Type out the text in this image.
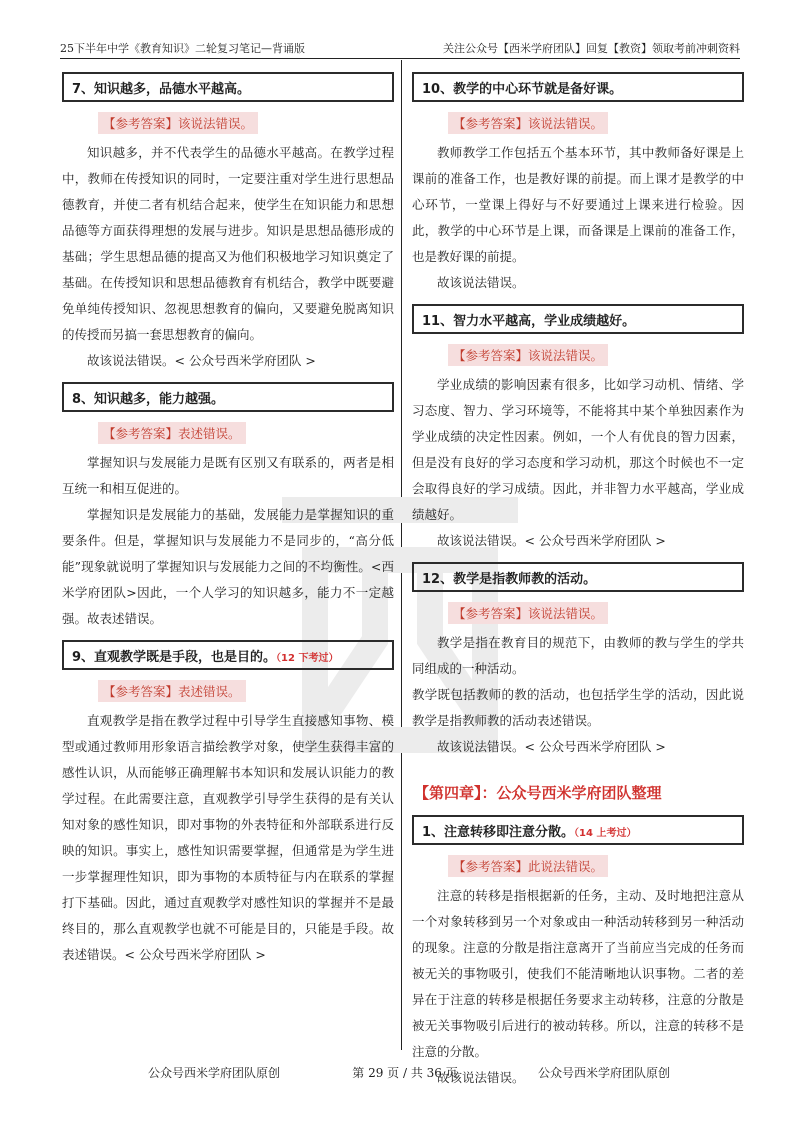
25下半年中学《教育知识》二轮复习笔记—背诵版	关注公众号【西米学府团队】回复【教资】领取考前冲刺资料
7、知识越多，品德水平越高。
【参考答案】该说法错误。

知识越多，并不代表学生的品德水平越高。在教学过程中，教师在传授知识的同时，一定要注重对学生进行思想品德教育，并使二者有机结合起来，使学生在知识能力和思想品德等方面获得理想的发展与进步。知识是思想品德形成的基础；学生思想品德的提高又为他们积极地学习知识奠定了基础。在传授知识和思想品德教育有机结合，教学中既要避免单纯传授知识、忽视思想教育的偏向，又要避免脱离知识的传授而另搞一套思想教育的偏向。

故该说法错误。< 公众号西米学府团队 >

8、知识越多，能力越强。
【参考答案】表述错误。

掌握知识与发展能力是既有区别又有联系的，两者是相互统一和相互促进的。

掌握知识是发展能力的基础，发展能力是掌握知识的重要条件。但是，掌握知识与发展能力不是同步的，“高分低能”现象就说明了掌握知识与发展能力之间的不均衡性。<西米学府团队>因此，一个人学习的知识越多，能力不一定越强。故表述错误。

9、直观教学既是手段，也是目的。（12 下考过）
【参考答案】表述错误。

直观教学是指在教学过程中引导学生直接感知事物、模型或通过教师用形象语言描绘教学对象，使学生获得丰富的感性认识，从而能够正确理解书本知识和发展认识能力的教学过程。在此需要注意，直观教学引导学生获得的是有关认知对象的感性知识，即对事物的外表特征和外部联系进行反映的知识。事实上，感性知识需要掌握，但通常是为学生进一步掌握理性知识，即为事物的本质特征与内在联系的掌握打下基础。因此，通过直观教学对感性知识的掌握并不是最终目的，那么直观教学也就不可能是目的，只能是手段。故表述错误。< 公众号西米学府团队 >

10、教学的中心环节就是备好课。
【参考答案】该说法错误。

教师教学工作包括五个基本环节，其中教师备好课是上课前的准备工作，也是教好课的前提。而上课才是教学的中心环节，一堂课上得好与不好要通过上课来进行检验。因此，教学的中心环节是上课，而备课是上课前的准备工作，也是教好课的前提。

故该说法错误。

11、智力水平越高，学业成绩越好。
【参考答案】该说法错误。

学业成绩的影响因素有很多，比如学习动机、情绪、学习态度、智力、学习环境等，不能将其中某个单独因素作为学业成绩的决定性因素。例如，一个人有优良的智力因素，但是没有良好的学习态度和学习动机，那这个时候也不一定会取得良好的学习成绩。因此，并非智力水平越高，学业成绩越好。

故该说法错误。< 公众号西米学府团队 >

12、教学是指教师教的活动。
【参考答案】该说法错误。

教学是指在教育目的规范下，由教师的教与学生的学共同组成的一种活动。

教学既包括教师的教的活动，也包括学生学的活动，因此说教学是指教师教的活动表述错误。

故该说法错误。< 公众号西米学府团队 >

【第四章】：公众号西米学府团队整理
1、注意转移即注意分散。（14 上考过）
【参考答案】此说法错误。

注意的转移是指根据新的任务，主动、及时地把注意从一个对象转移到另一个对象或由一种活动转移到另一种活动的现象。注意的分散是指注意离开了当前应当完成的任务而被无关的事物吸引，使我们不能清晰地认识事物。二者的差异在于注意的转移是根据任务要求主动转移，注意的分散是被无关事物吸引后进行的被动转移。所以，注意的转移不是注意的分散。

故该说法错误。

公众号西米学府团队原创	第 29 页 / 共 36 页	公众号西米学府团队原创
